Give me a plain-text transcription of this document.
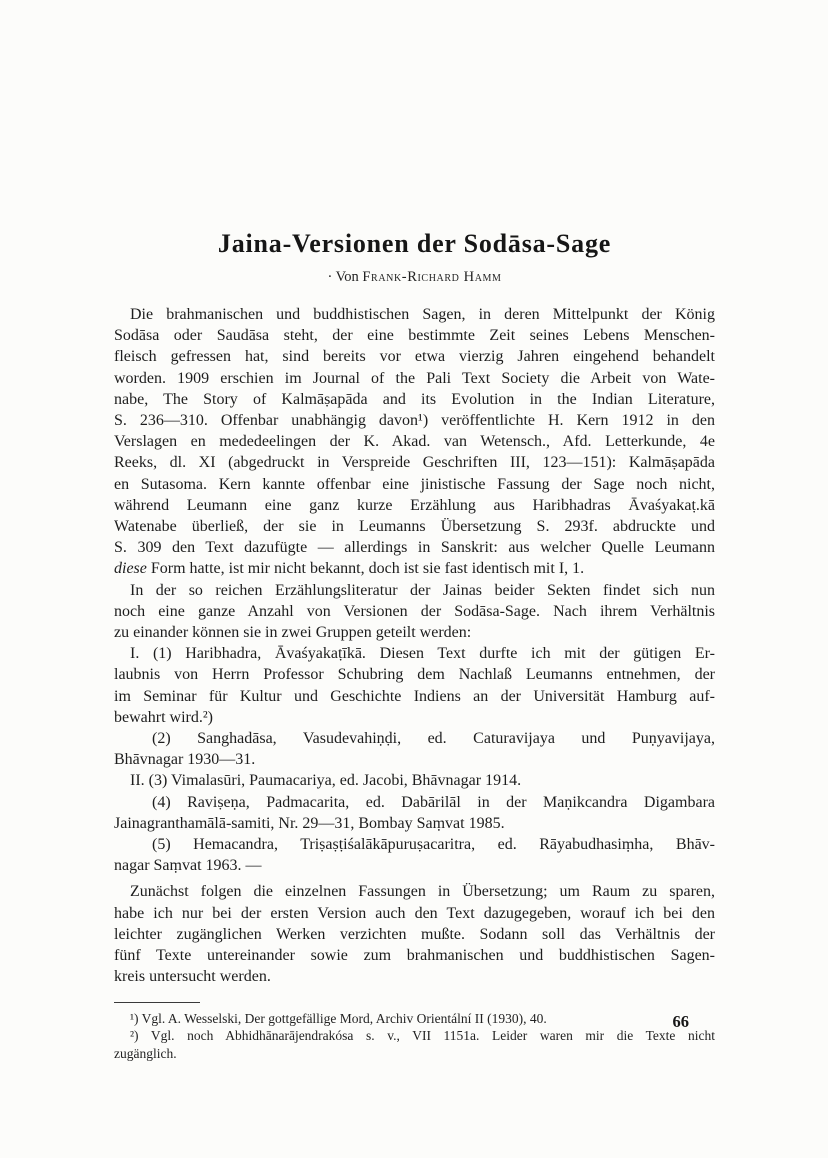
Jaina-Versionen der Sodāsa-Sage
· Von Frank-Richard Hamm
Die brahmanischen und buddhistischen Sagen, in deren Mittelpunkt der König
Sodāsa oder Saudāsa steht, der eine bestimmte Zeit seines Lebens Menschen-
fleisch gefressen hat, sind bereits vor etwa vierzig Jahren eingehend behandelt
worden. 1909 erschien im Journal of the Pali Text Society die Arbeit von Wate-
nabe, The Story of Kalmāṣapāda and its Evolution in the Indian Literature,
S. 236—310. Offenbar unabhängig davon¹) veröffentlichte H. Kern 1912 in den
Verslagen en mededeelingen der K. Akad. van Wetensch., Afd. Letterkunde, 4e
Reeks, dl. XI (abgedruckt in Verspreide Geschriften III, 123—151): Kalmāṣapāda
en Sutasoma. Kern kannte offenbar eine jinistische Fassung der Sage noch nicht,
während Leumann eine ganz kurze Erzählung aus Haribhadras Āvaśyakaṭ.kā
Watenabe überließ, der sie in Leumanns Übersetzung S. 293f. abdruckte und
S. 309 den Text dazufügte — allerdings in Sanskrit: aus welcher Quelle Leumann
diese Form hatte, ist mir nicht bekannt, doch ist sie fast identisch mit I, 1.
In der so reichen Erzählungsliteratur der Jainas beider Sekten findet sich nun
noch eine ganze Anzahl von Versionen der Sodāsa-Sage. Nach ihrem Verhältnis
zu einander können sie in zwei Gruppen geteilt werden:
I. (1) Haribhadra, Āvaśyakaṭīkā. Diesen Text durfte ich mit der gütigen Er-
laubnis von Herrn Professor Schubring dem Nachlaß Leumanns entnehmen, der
im Seminar für Kultur und Geschichte Indiens an der Universität Hamburg auf-
bewahrt wird.²)
(2) Sanghadāsa, Vasudevahiṇḍi, ed. Caturavijaya und Puṇyavijaya,
Bhāvnagar 1930—31.
II. (3) Vimalasūri, Paumacariya, ed. Jacobi, Bhāvnagar 1914.
(4) Raviṣeṇa, Padmacarita, ed. Dabārilāl in der Maṇikcandra Digambara
Jainagranthamālā-samiti, Nr. 29—31, Bombay Saṃvat 1985.
(5) Hemacandra, Triṣaṣṭiśalākāpuruṣacaritra, ed. Rāyabudhasiṃha, Bhāv-
nagar Saṃvat 1963. —
Zunächst folgen die einzelnen Fassungen in Übersetzung; um Raum zu sparen,
habe ich nur bei der ersten Version auch den Text dazugegeben, worauf ich bei den
leichter zugänglichen Werken verzichten mußte. Sodann soll das Verhältnis der
fünf Texte untereinander sowie zum brahmanischen und buddhistischen Sagen-
kreis untersucht werden.
¹) Vgl. A. Wesselski, Der gottgefällige Mord, Archiv Orientální II (1930), 40.
²) Vgl. noch Abhidhānarājendrakósa s. v., VII 1151a. Leider waren mir die Texte nicht
zugänglich.
66
